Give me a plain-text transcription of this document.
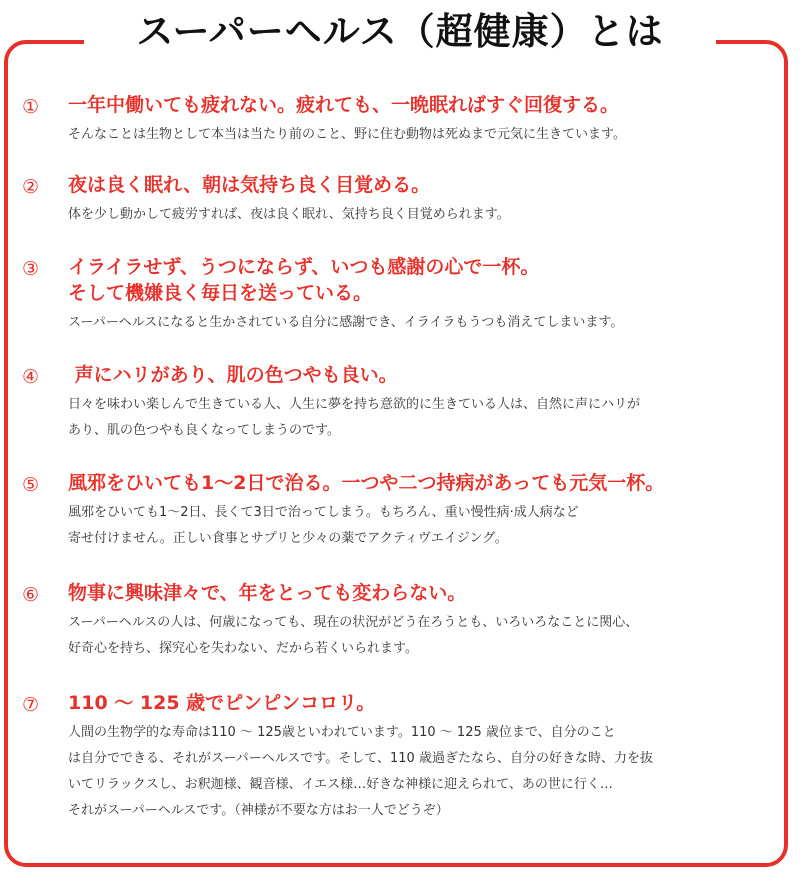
スーパーヘルス（超健康）とは
① 一年中働いても疲れない。疲れても、一晩眠ればすぐ回復する。
そんなことは生物として本当は当たり前のこと、野に住む動物は死ぬまで元気に生きています。
② 夜は良く眠れ、朝は気持ち良く目覚める。
体を少し動かして疲労すれば、夜は良く眠れ、気持ち良く目覚められます。
③ イライラせず、うつにならず、いつも感謝の心で一杯。
そして機嫌良く毎日を送っている。
スーパーヘルスになると生かされている自分に感謝でき、イライラもうつも消えてしまいます。
④ 声にハリがあり、肌の色つやも良い。
日々を味わい楽しんで生きている人、人生に夢を持ち意欲的に生きている人は、自然に声にハリが
あり、肌の色つやも良くなってしまうのです。
⑤ 風邪をひいても1～2日で治る。一つや二つ持病があっても元気一杯。
風邪をひいても1～2日、長くて3日で治ってしまう。もちろん、重い慢性病·成人病など
寄せ付けません。正しい食事とサプリと少々の薬でアクティヴエイジング。
⑥ 物事に興味津々で、年をとっても変わらない。
スーパーヘルスの人は、何歳になっても、現在の状況がどう在ろうとも、いろいろなことに関心、
好奇心を持ち、探究心を失わない、だから若くいられます。
⑦ 110 ～ 125 歳でピンピンコロリ。
人間の生物学的な寿命は110 ～ 125歳といわれています。110 ～ 125 歳位まで、自分のこと
は自分でできる、それがスーパーヘルスです。そして、110 歳過ぎたなら、自分の好きな時、力を抜
いてリラックスし、お釈迦様、観音様、イエス様…好きな神様に迎えられて、あの世に行く…
それがスーパーヘルスです。（神様が不要な方はお一人でどうぞ）
